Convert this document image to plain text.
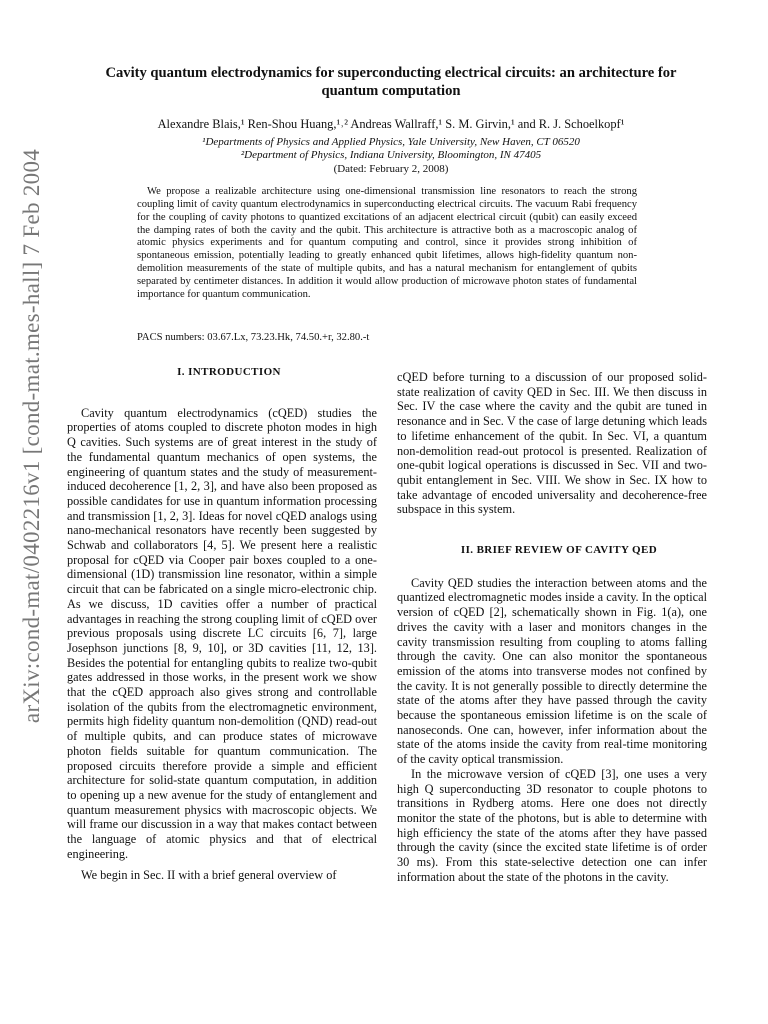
arXiv:cond-mat/0402216v1 [cond-mat.mes-hall] 7 Feb 2004
Cavity quantum electrodynamics for superconducting electrical circuits: an architecture for quantum computation
Alexandre Blais,¹ Ren-Shou Huang,¹˒² Andreas Wallraff,¹ S. M. Girvin,¹ and R. J. Schoelkopf¹
¹Departments of Physics and Applied Physics, Yale University, New Haven, CT 06520
²Department of Physics, Indiana University, Bloomington, IN 47405
(Dated: February 2, 2008)

We propose a realizable architecture using one-dimensional transmission line resonators to reach the strong coupling limit of cavity quantum electrodynamics in superconducting electrical circuits. The vacuum Rabi frequency for the coupling of cavity photons to quantized excitations of an adjacent electrical circuit (qubit) can easily exceed the damping rates of both the cavity and the qubit. This architecture is attractive both as a macroscopic analog of atomic physics experiments and for quantum computing and control, since it provides strong inhibition of spontaneous emission, potentially leading to greatly enhanced qubit lifetimes, allows high-fidelity quantum non-demolition measurements of the state of multiple qubits, and has a natural mechanism for entanglement of qubits separated by centimeter distances. In addition it would allow production of microwave photon states of fundamental importance for quantum communication.

PACS numbers: 03.67.Lx, 73.23.Hk, 74.50.+r, 32.80.-t

I. INTRODUCTION

Cavity quantum electrodynamics (cQED) studies the properties of atoms coupled to discrete photon modes in high Q cavities. Such systems are of great interest in the study of the fundamental quantum mechanics of open systems, the engineering of quantum states and the study of measurement-induced decoherence [1, 2, 3], and have also been proposed as possible candidates for use in quantum information processing and transmission [1, 2, 3]. Ideas for novel cQED analogs using nano-mechanical resonators have recently been suggested by Schwab and collaborators [4, 5]. We present here a realistic proposal for cQED via Cooper pair boxes coupled to a one-dimensional (1D) transmission line resonator, within a simple circuit that can be fabricated on a single micro-electronic chip. As we discuss, 1D cavities offer a number of practical advantages in reaching the strong coupling limit of cQED over previous proposals using discrete LC circuits [6, 7], large Josephson junctions [8, 9, 10], or 3D cavities [11, 12, 13]. Besides the potential for entangling qubits to realize two-qubit gates addressed in those works, in the present work we show that the cQED approach also gives strong and controllable isolation of the qubits from the electromagnetic environment, permits high fidelity quantum non-demolition (QND) read-out of multiple qubits, and can produce states of microwave photon fields suitable for quantum communication. The proposed circuits therefore provide a simple and efficient architecture for solid-state quantum computation, in addition to opening up a new avenue for the study of entanglement and quantum measurement physics with macroscopic objects. We will frame our discussion in a way that makes contact between the language of atomic physics and that of electrical engineering.

We begin in Sec. II with a brief general overview of

cQED before turning to a discussion of our proposed solid-state realization of cavity QED in Sec. III. We then discuss in Sec. IV the case where the cavity and the qubit are tuned in resonance and in Sec. V the case of large detuning which leads to lifetime enhancement of the qubit. In Sec. VI, a quantum non-demolition read-out protocol is presented. Realization of one-qubit logical operations is discussed in Sec. VII and two-qubit entanglement in Sec. VIII. We show in Sec. IX how to take advantage of encoded universality and decoherence-free subspace in this system.

II. BRIEF REVIEW OF CAVITY QED

Cavity QED studies the interaction between atoms and the quantized electromagnetic modes inside a cavity. In the optical version of cQED [2], schematically shown in Fig. 1(a), one drives the cavity with a laser and monitors changes in the cavity transmission resulting from coupling to atoms falling through the cavity. One can also monitor the spontaneous emission of the atoms into transverse modes not confined by the cavity. It is not generally possible to directly determine the state of the atoms after they have passed through the cavity because the spontaneous emission lifetime is on the scale of nanoseconds. One can, however, infer information about the state of the atoms inside the cavity from real-time monitoring of the cavity optical transmission.

In the microwave version of cQED [3], one uses a very high Q superconducting 3D resonator to couple photons to transitions in Rydberg atoms. Here one does not directly monitor the state of the photons, but is able to determine with high efficiency the state of the atoms after they have passed through the cavity (since the excited state lifetime is of order 30 ms). From this state-selective detection one can infer information about the state of the photons in the cavity.
